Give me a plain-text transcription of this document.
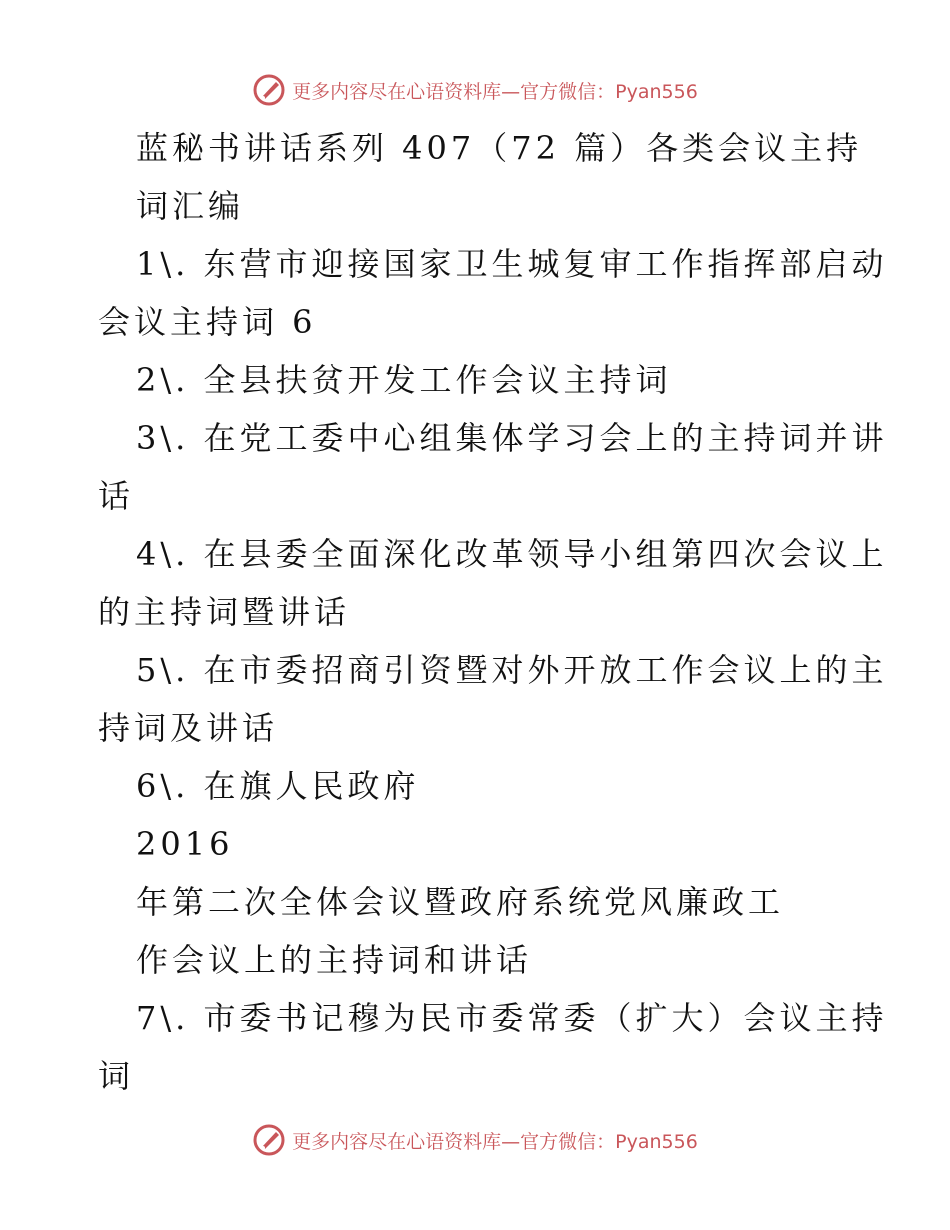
更多内容尽在心语资料库—官方微信：Pyan556
蓝秘书讲话系列 407（72 篇）各类会议主持
词汇编
1\. 东营市迎接国家卫生城复审工作指挥部启动
会议主持词 6
2\. 全县扶贫开发工作会议主持词
3\. 在党工委中心组集体学习会上的主持词并讲
话
4\. 在县委全面深化改革领导小组第四次会议上
的主持词暨讲话
5\. 在市委招商引资暨对外开放工作会议上的主
持词及讲话
6\. 在旗人民政府
2016
年第二次全体会议暨政府系统党风廉政工
作会议上的主持词和讲话
7\. 市委书记穆为民市委常委（扩大）会议主持
词
更多内容尽在心语资料库—官方微信：Pyan556
